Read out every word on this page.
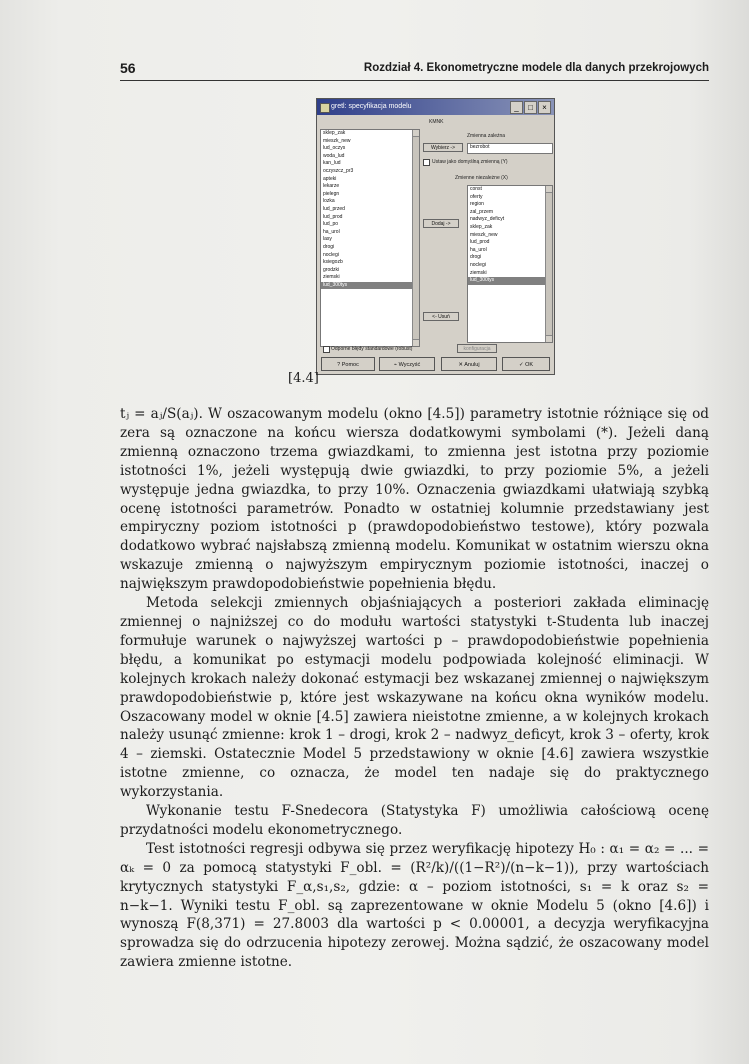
56	Rozdział 4. Ekonometryczne modele dla danych przekrojowych
gretl: specyfikacja modelu	_	□	×
KMNK
sklep_zak
mieszk_new
lud_oczys
woda_lud
kan_lud
oczyszcz_pr3
apteki
lekarze
pielegn
lozka
lud_przed
lud_prod
lud_po
ha_urol
lasy
drogi
noclegi
ksiegozb
grodzki
ziemski
lud_300tys
Zmienna zależna
Wybierz ->	bezrobot
Ustaw jako domyślną zmienną (Y)
Zmienne niezależne (X)
Dodaj ->
<- Usuń
const
oferty
region
zal_przem
nadwyz_deficyt
sklep_zak
mieszk_new
lud_prod
ha_urol
drogi
noclegi
ziemski
lud_300tys
Odporne błędy standardowe (robust)	konfiguracja
? Pomoc	⌁ Wyczyść	✕ Anuluj	✓ OK
[4.4]

tⱼ = aⱼ/S(aⱼ). W oszacowanym modelu (okno [4.5]) parametry istotnie różniące się od zera są oznaczone na końcu wiersza dodatkowymi symbolami (*). Jeżeli daną zmienną oznaczono trzema gwiazdkami, to zmienna jest istotna przy poziomie istotności 1%, jeżeli występują dwie gwiazdki, to przy poziomie 5%, a jeżeli występuje jedna gwiazdka, to przy 10%. Oznaczenia gwiazdkami ułatwiają szybką ocenę istotności parametrów. Ponadto w ostatniej kolumnie przedstawiany jest empiryczny poziom istotności p (prawdopodobieństwo testowe), który pozwala dodatkowo wybrać najsłabszą zmienną modelu. Komunikat w ostatnim wierszu okna wskazuje zmienną o najwyższym empirycznym poziomie istotności, inaczej o największym prawdopodobieństwie popełnienia błędu.

Metoda selekcji zmiennych objaśniających a posteriori zakłada eliminację zmiennej o najniższej co do modułu wartości statystyki t-Studenta lub inaczej formułuje warunek o najwyższej wartości p – prawdopodobieństwie popełnienia błędu, a komunikat po estymacji modelu podpowiada kolejność eliminacji. W kolejnych krokach należy dokonać estymacji bez wskazanej zmiennej o największym prawdopodobieństwie p, które jest wskazywane na końcu okna wyników modelu. Oszacowany model w oknie [4.5] zawiera nieistotne zmienne, a w kolejnych krokach należy usunąć zmienne: krok 1 – drogi, krok 2 – nadwyz_deficyt, krok 3 – oferty, krok 4 – ziemski. Ostatecznie Model 5 przedstawiony w oknie [4.6] zawiera wszystkie istotne zmienne, co oznacza, że model ten nadaje się do praktycznego wykorzystania.

Wykonanie testu F-Snedecora (Statystyka F) umożliwia całościową ocenę przydatności modelu ekonometrycznego.

Test istotności regresji odbywa się przez weryfikację hipotezy H₀ : α₁ = α₂ = ... = αₖ = 0 za pomocą statystyki F_obl. = (R²/k)/((1−R²)/(n−k−1)), przy wartościach krytycznych statystyki F_α,s₁,s₂, gdzie: α – poziom istotności, s₁ = k oraz s₂ = n−k−1. Wyniki testu F_obl. są zaprezentowane w oknie Modelu 5 (okno [4.6]) i wynoszą F(8,371) = 27.8003 dla wartości p < 0.00001, a decyzja weryfikacyjna sprowadza się do odrzucenia hipotezy zerowej. Można sądzić, że oszacowany model zawiera zmienne istotne.
